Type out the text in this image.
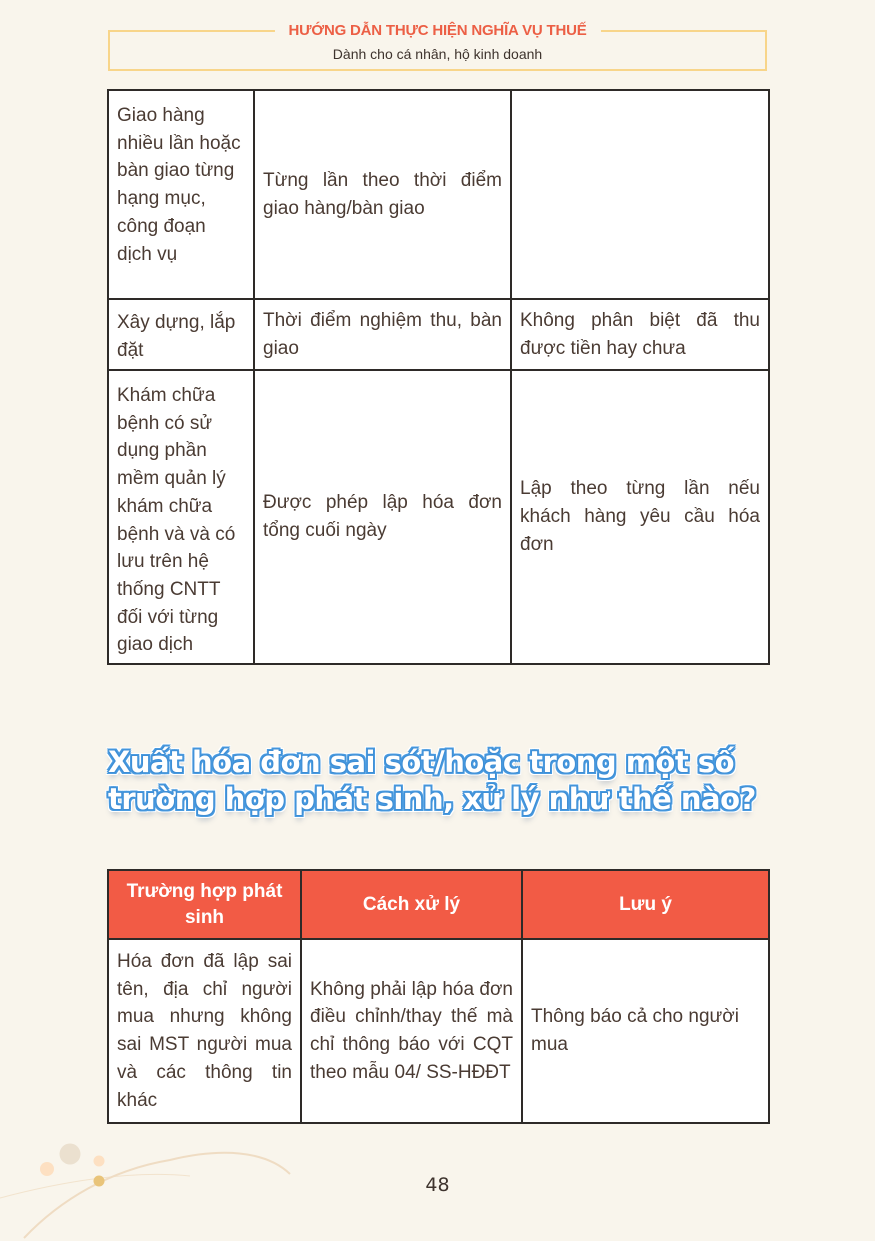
HƯỚNG DẪN THỰC HIỆN NGHĨA VỤ THUẾ
Dành cho cá nhân, hộ kinh doanh
Giao hàng nhiều lần hoặc bàn giao từng hạng mục, công đoạn dịch vụ	Từng lần theo thời điểm giao hàng/bàn giao	
Xây dựng, lắp đặt	Thời điểm nghiệm thu, bàn giao	Không phân biệt đã thu được tiền hay chưa
Khám chữa bệnh có sử dụng phần mềm quản lý khám chữa bệnh và và có lưu trên hệ thống CNTT đối với từng giao dịch	Được phép lập hóa đơn tổng cuối ngày	Lập theo từng lần nếu khách hàng yêu cầu hóa đơn
Xuất hóa đơn sai sót/hoặc trong một số trường hợp phát sinh, xử lý như thế nào?
Trường hợp phát sinh	Cách xử lý	Lưu ý
Hóa đơn đã lập sai tên, địa chỉ người mua nhưng không sai MST người mua và các thông tin khác	Không phải lập hóa đơn điều chỉnh/thay thế mà chỉ thông báo với CQT theo mẫu 04/ SS-HĐĐT	Thông báo cả cho người mua
48
